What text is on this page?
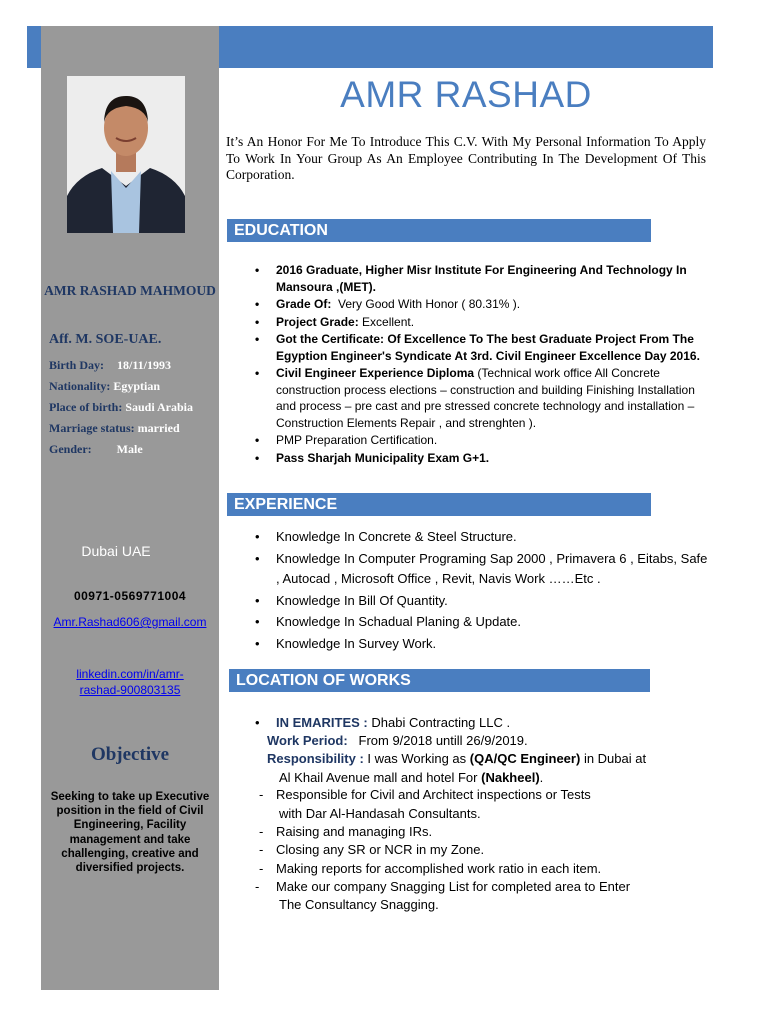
AMR RASHAD MAHMOUD
Aff. M. SOE-UAE.
Birth Day: 18/11/1993
Nationality: Egyptian
Place of birth: Saudi Arabia
Marriage status: married
Gender: Male
Dubai UAE
00971-0569771004
Amr.Rashad606@gmail.com
linkedin.com/in/amr-rashad-900803135
Objective
Seeking to take up Executive position in the field of Civil Engineering, Facility management and take challenging, creative and diversified projects.
AMR RASHAD
It’s An Honor For Me To Introduce This C.V. With My Personal Information To Apply To Work In Your Group As An Employee Contributing In The Development Of This Corporation.
EDUCATION
• 2016 Graduate, Higher Misr Institute For Engineering And Technology In Mansoura ,(MET).
• Grade Of: Very Good With Honor ( 80.31% ).
• Project Grade: Excellent.
• Got the Certificate: Of Excellence To The best Graduate Project From The Egyption Engineer's Syndicate At 3rd. Civil Engineer Excellence Day 2016.
• Civil Engineer Experience Diploma (Technical work office All Concrete construction process elections – construction and building Finishing Installation and process – pre cast and pre stressed concrete technology and installation – Construction Elements Repair , and strenghten ).
• PMP Preparation Certification.
• Pass Sharjah Municipality Exam G+1.
EXPERIENCE
• Knowledge In Concrete & Steel Structure.
• Knowledge In Computer Programing Sap 2000 , Primavera 6 , Eitabs, Safe , Autocad , Microsoft Office , Revit, Navis Work ……Etc .
• Knowledge In Bill Of Quantity.
• Knowledge In Schadual Planing & Update.
• Knowledge In Survey Work.
LOCATION OF WORKS
• IN EMARITES : Dhabi Contracting LLC .
Work Period: From 9/2018 untill 26/9/2019.
Responsibility : I was Working as (QA/QC Engineer) in Dubai at
Al Khail Avenue mall and hotel For (Nakheel).
- Responsible for Civil and Architect inspections or Tests
with Dar Al-Handasah Consultants.
- Raising and managing IRs.
- Closing any SR or NCR in my Zone.
- Making reports for accomplished work ratio in each item.
- Make our company Snagging List for completed area to Enter
The Consultancy Snagging.
